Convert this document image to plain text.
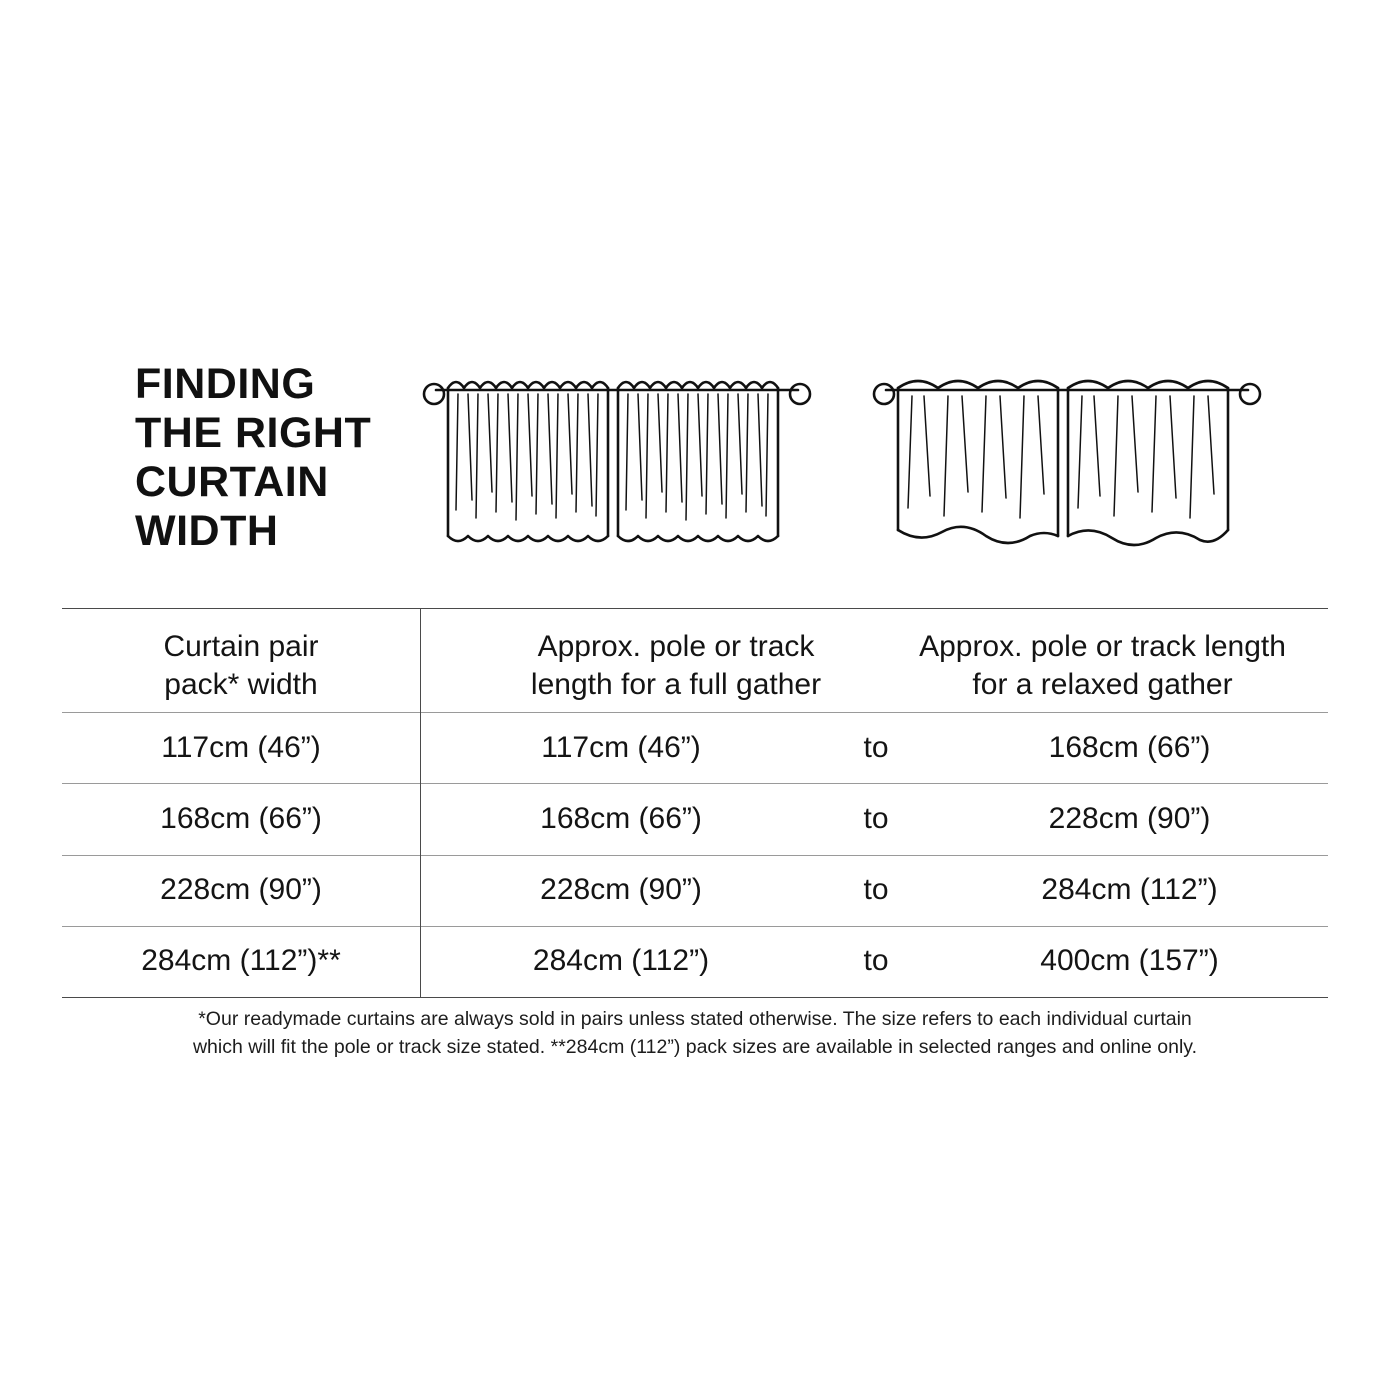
FINDING
THE RIGHT
CURTAIN
WIDTH
Curtain pair
pack* width
Approx. pole or track
length for a full gather
Approx. pole or track length
for a relaxed gather
117cm (46”)	117cm (46”)	to	168cm (66”)
168cm (66”)	168cm (66”)	to	228cm (90”)
228cm (90”)	228cm (90”)	to	284cm (112”)
284cm (112”)**	284cm (112”)	to	400cm (157”)
*Our readymade curtains are always sold in pairs unless stated otherwise. The size refers to each individual curtain
which will fit the pole or track size stated. **284cm (112”) pack sizes are available in selected ranges and online only.
